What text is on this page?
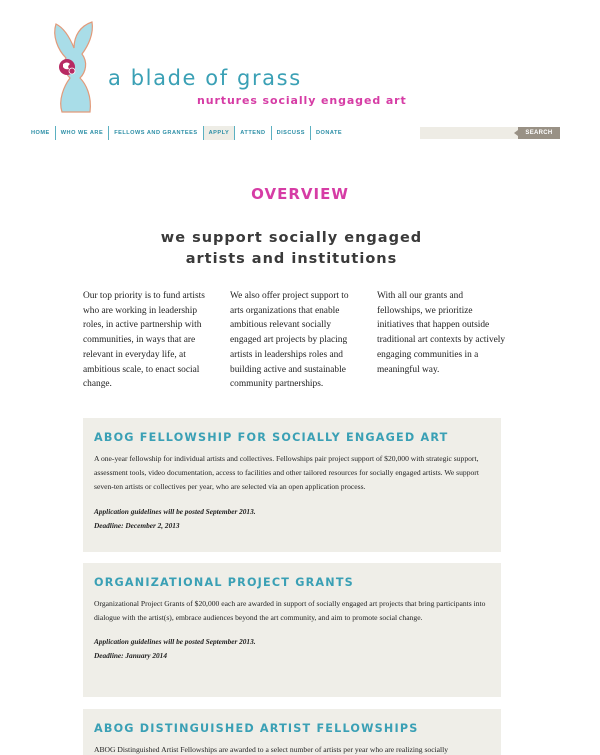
a blade of grass
nurtures socially engaged art
HOME	WHO WE ARE	FELLOWS AND GRANTEES	APPLY	ATTEND	DISCUSS	DONATE	SEARCH
OVERVIEW
we support socially engaged
artists and institutions

Our top priority is to fund artists who are working in leadership roles, in active partnership with communities, in ways that are relevant in everyday life, at ambitious scale, to enact social change.

We also offer project support to arts organizations that enable ambitious relevant socially engaged art projects by placing artists in leaderships roles and building active and sustainable community partnerships.

With all our grants and fellowships, we prioritize initiatives that happen outside traditional art contexts by actively engaging communities in a meaningful way.

ABOG FELLOWSHIP FOR SOCIALLY ENGAGED ART

A one-year fellowship for individual artists and collectives. Fellowships pair project support of $20,000 with strategic support, assessment tools, video documentation, access to facilities and other tailored resources for socially engaged artists. We support seven-ten artists or collectives per year, who are selected via an open application process.

Application guidelines will be posted September 2013.

Deadline: December 2, 2013

ORGANIZATIONAL PROJECT GRANTS

Organizational Project Grants of $20,000 each are awarded in support of socially engaged art projects that bring participants into dialogue with the artist(s), embrace audiences beyond the art community, and aim to promote social change.

Application guidelines will be posted September 2013.

Deadline: January 2014

ABOG DISTINGUISHED ARTIST FELLOWSHIPS

ABOG Distinguished Artist Fellowships are awarded to a select number of artists per year who are realizing socially
